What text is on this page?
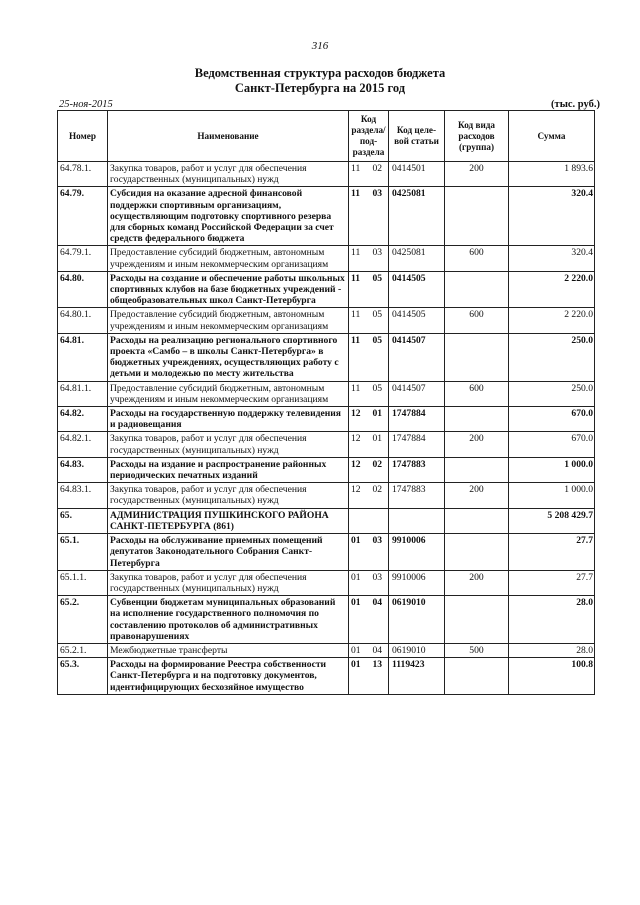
316
Ведомственная структура расходов бюджета
Санкт-Петербурга на 2015 год
25-ноя-2015	(тыс. руб.)
Номер	Наименование	Код раздела/ под- раздела	Код целе- вой статьи	Код вида расходов (группа)	Сумма
64.78.1.	Закупка товаров, работ и услуг для обеспечения государственных (муниципальных) нужд	11 02	0414501	200	1 893.6
64.79.	Субсидия на оказание адресной финансовой поддержки спортивным организациям, осуществляющим подготовку спортивного резерва для сборных команд Российской Федерации за счет средств федерального бюджета	11 03	0425081		320.4
64.79.1.	Предоставление субсидий бюджетным, автономным учреждениям и иным некоммерческим организациям	11 03	0425081	600	320.4
64.80.	Расходы на создание и обеспечение работы школьных спортивных клубов на базе бюджетных учреждений - общеобразовательных школ Санкт-Петербурга	11 05	0414505		2 220.0
64.80.1.	Предоставление субсидий бюджетным, автономным учреждениям и иным некоммерческим организациям	11 05	0414505	600	2 220.0
64.81.	Расходы на реализацию регионального спортивного проекта «Самбо – в школы Санкт-Петербурга» в бюджетных учреждениях, осуществляющих работу с детьми и молодежью по месту жительства	11 05	0414507		250.0
64.81.1.	Предоставление субсидий бюджетным, автономным учреждениям и иным некоммерческим организациям	11 05	0414507	600	250.0
64.82.	Расходы на государственную поддержку телевидения и радиовещания	12 01	1747884		670.0
64.82.1.	Закупка товаров, работ и услуг для обеспечения государственных (муниципальных) нужд	12 01	1747884	200	670.0
64.83.	Расходы на издание и распространение районных периодических печатных изданий	12 02	1747883		1 000.0
64.83.1.	Закупка товаров, работ и услуг для обеспечения государственных (муниципальных) нужд	12 02	1747883	200	1 000.0
65.	АДМИНИСТРАЦИЯ ПУШКИНСКОГО РАЙОНА САНКТ-ПЕТЕРБУРГА (861)				5 208 429.7
65.1.	Расходы на обслуживание приемных помещений депутатов Законодательного Собрания Санкт-Петербурга	01 03	9910006		27.7
65.1.1.	Закупка товаров, работ и услуг для обеспечения государственных (муниципальных) нужд	01 03	9910006	200	27.7
65.2.	Субвенции бюджетам муниципальных образований на исполнение государственного полномочия по составлению протоколов об административных правонарушениях	01 04	0619010		28.0
65.2.1.	Межбюджетные трансферты	01 04	0619010	500	28.0
65.3.	Расходы на формирование Реестра собственности Санкт-Петербурга и на подготовку документов, идентифицирующих бесхозяйное имущество	01 13	1119423		100.8
